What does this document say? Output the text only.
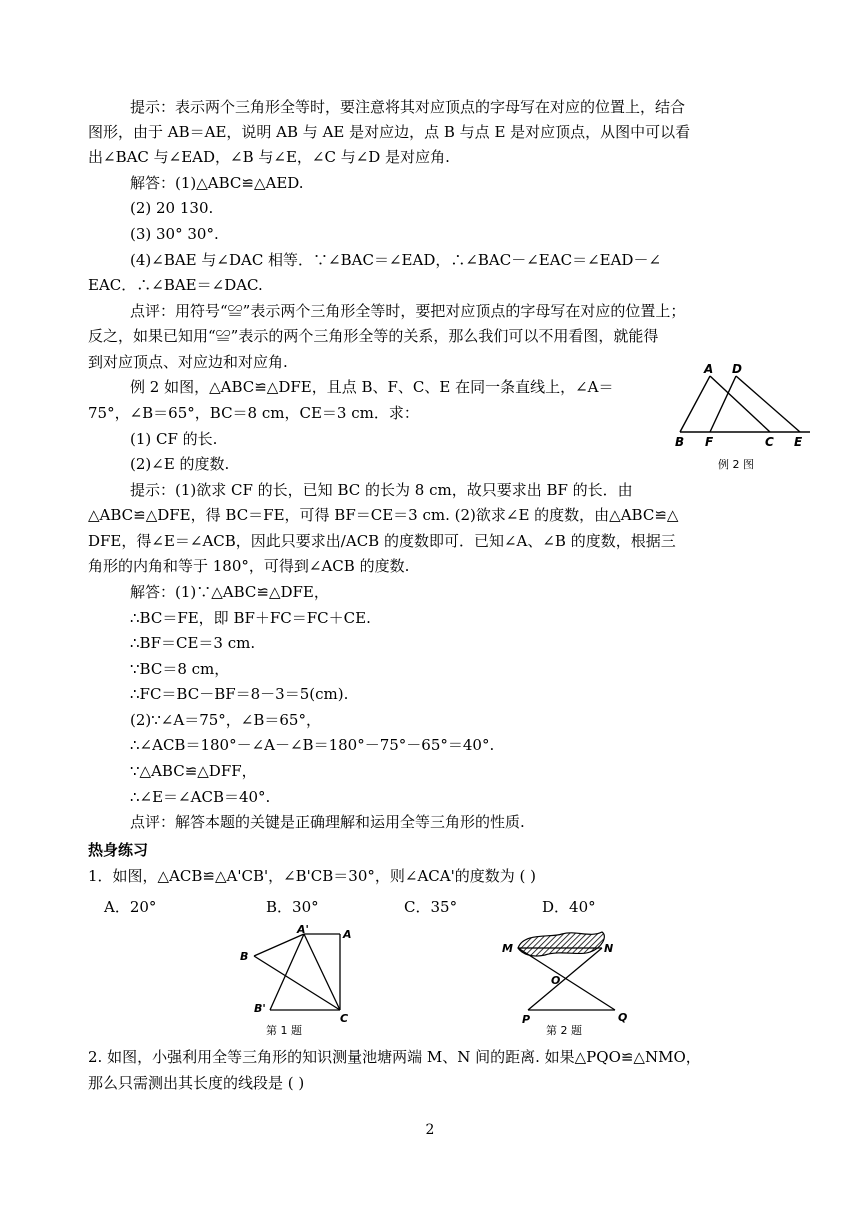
提示：表示两个三角形全等时，要注意将其对应顶点的字母写在对应的位置上，结合
图形，由于 AB＝AE，说明 AB 与 AE 是对应边，点 B 与点 E 是对应顶点，从图中可以看
出∠BAC 与∠EAD，∠B 与∠E，∠C 与∠D 是对应角.
解答：(1)△ABC≌△AED.
(2) 20 130.
(3) 30° 30°.
(4)∠BAE 与∠DAC 相等．∵∠BAC＝∠EAD，∴∠BAC－∠EAC＝∠EAD－∠
EAC．∴∠BAE＝∠DAC.
点评：用符号“≌”表示两个三角形全等时，要把对应顶点的字母写在对应的位置上；
反之，如果已知用“≌”表示的两个三角形全等的关系，那么我们可以不用看图，就能得
到对应顶点、对应边和对应角.
例 2 如图，△ABC≌△DFE，且点 B、F、C、E 在同一条直线上，∠A＝
75°，∠B＝65°，BC＝8 cm，CE＝3 cm．求：
(1) CF 的长.
(2)∠E 的度数.
提示：(1)欲求 CF 的长，已知 BC 的长为 8 cm，故只要求出 BF 的长．由
△ABC≌△DFE，得 BC＝FE，可得 BF＝CE＝3 cm. (2)欲求∠E 的度数，由△ABC≌△
DFE，得∠E＝∠ACB，因此只要求出/ACB 的度数即可．已知∠A、∠B 的度数，根据三
角形的内角和等于 180°，可得到∠ACB 的度数.
解答：(1)∵△ABC≌△DFE，
∴BC＝FE，即 BF＋FC＝FC＋CE.
∴BF＝CE＝3 cm.
∵BC＝8 cm，
∴FC＝BC－BF＝8－3＝5(cm).
(2)∵∠A＝75°，∠B＝65°，
∴∠ACB＝180°－∠A－∠B＝180°－75°－65°＝40°.
∵△ABC≌△DFF，
∴∠E＝∠ACB＝40°.
点评：解答本题的关键是正确理解和运用全等三角形的性质.
热身练习
1．如图，△ACB≌△A'CB'，∠B'CB＝30°，则∠ACA'的度数为 ( )
A．20°	B．30°	C．35°	D．40°
2. 如图，小强利用全等三角形的知识测量池塘两端 M、N 间的距离. 如果△PQO≌△NMO，
那么只需测出其长度的线段是 ( )
A D
B F	C E
例 2 图
A'	A
B
B'
C
第 1 题
M	N
O
P	Q
第 2 题
2
